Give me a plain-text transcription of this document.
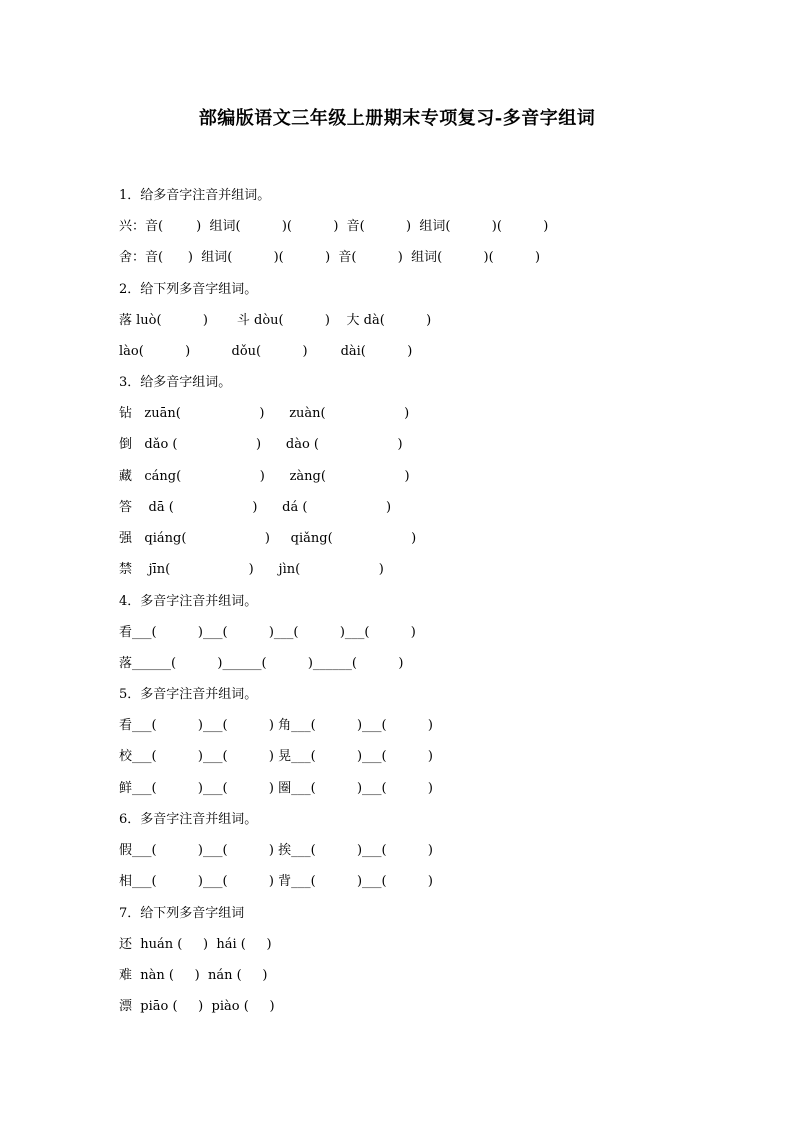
部编版语文三年级上册期末专项复习-多音字组词
1．给多音字注音并组词。
兴：音(        )  组词(          )(          )  音(          )  组词(          )(          )
舍：音(      )  组词(          )(          )  音(          )  组词(          )(          )
2．给下列多音字组词。
落 luò(          )       斗 dòu(          )    大 dà(          )
lào(          )          dǒu(          )        dài(          )
3．给多音字组词。
钻   zuān(                   )      zuàn(                   )
倒   dǎo (                   )      dào (                   )
藏   cáng(                   )      zàng(                   )
答    dā (                   )      dá (                   )
强   qiáng(                   )     qiǎng(                   )
禁    jīn(                   )      jìn(                   )
4．多音字注音并组词。
看___(          )___(          )___(          )___(          )
落______(          )______(          )______(          )
5．多音字注音并组词。
看___(          )___(          ) 角___(          )___(          )
校___(          )___(          ) 晃___(          )___(          )
鲜___(          )___(          ) 圈___(          )___(          )
6．多音字注音并组词。
假___(          )___(          ) 挨___(          )___(          )
相___(          )___(          ) 背___(          )___(          )
7．给下列多音字组词
还  huán (     )  hái (     )
难  nàn (     )  nán (     )
漂  piāo (     )  piào (     )
